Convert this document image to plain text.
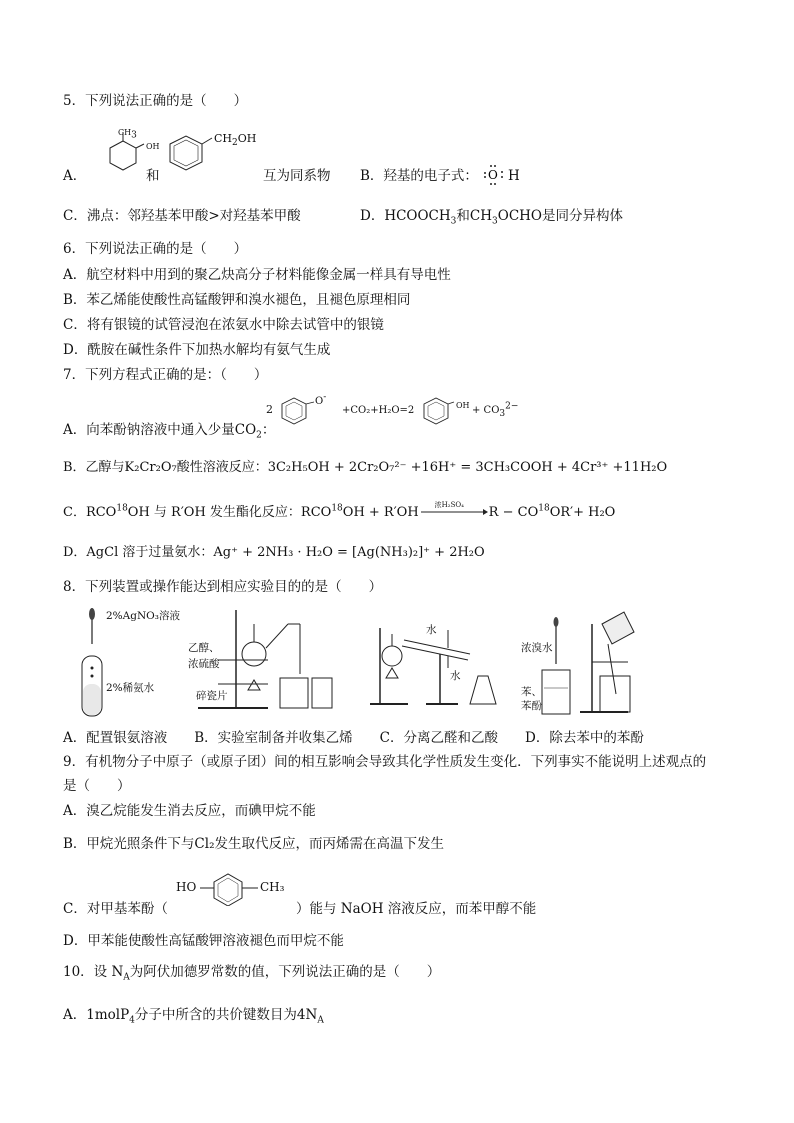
5．下列说法正确的是（　　）
$CH_3$
OH
$CH_2OH$
A．	和	互为同系物 B．羟基的电子式： O H
C．沸点：邻羟基苯甲酸>对羟基苯甲酸	D．$HCOOCH_3$和$CH_3OCHO$是同分异构体
6．下列说法正确的是（　　）
A．航空材料中用到的聚乙炔高分子材料能像金属一样具有导电性
B．苯乙烯能使酸性高锰酸钾和溴水褪色，且褪色原理相同
C．将有银镜的试管浸泡在浓氨水中除去试管中的银镜
D．酰胺在碱性条件下加热水解均有氨气生成
7．下列方程式正确的是：（　　）
A．向苯酚钠溶液中通入少量$CO_2$：
2
O-
+CO₂+H₂O=2	OH + $CO_3^{2-}$
B．乙醇与K₂Cr₂O₇酸性溶液反应：3C₂H₅OH + 2Cr₂O₇²⁻ +16H⁺ = 3CH₃COOH + 4Cr³⁺ +11H₂O
C．RCO$^{18}$OH 与 R′OH 发生酯化反应：$RCO^{18}OH + R'OH$ 浓H₂SO₄ $R - CO^{18}OR'+ H_2O$
D．AgCl 溶于过量氨水：Ag⁺ + 2NH₃ · H₂O = [Ag(NH₃)₂]⁺ + 2H₂O
8．下列装置或操作能达到相应实验目的的是（　　）
2%AgNO₃溶液
2%稀氨水
乙醇、
浓硫酸
碎瓷片
水
水
浓溴水
苯、
苯酚
A．配置银氨溶液　　B．实验室制备并收集乙烯　　C．分离乙醛和乙酸　　D．除去苯中的苯酚
9．有机物分子中原子（或原子团）间的相互影响会导致其化学性质发生变化．下列事实不能说明上述观点的
是（　　）
A．溴乙烷能发生消去反应，而碘甲烷不能
B．甲烷光照条件下与Cl₂发生取代反应，而丙烯需在高温下发生
C．对甲基苯酚（
HO	CH₃
）能与 NaOH 溶液反应，而苯甲醇不能
D．甲苯能使酸性高锰酸钾溶液褪色而甲烷不能
10．设 $N_A$为阿伏加德罗常数的值，下列说法正确的是（　　）
A．1molP$_4$分子中所含的共价键数目为$4N_A$
